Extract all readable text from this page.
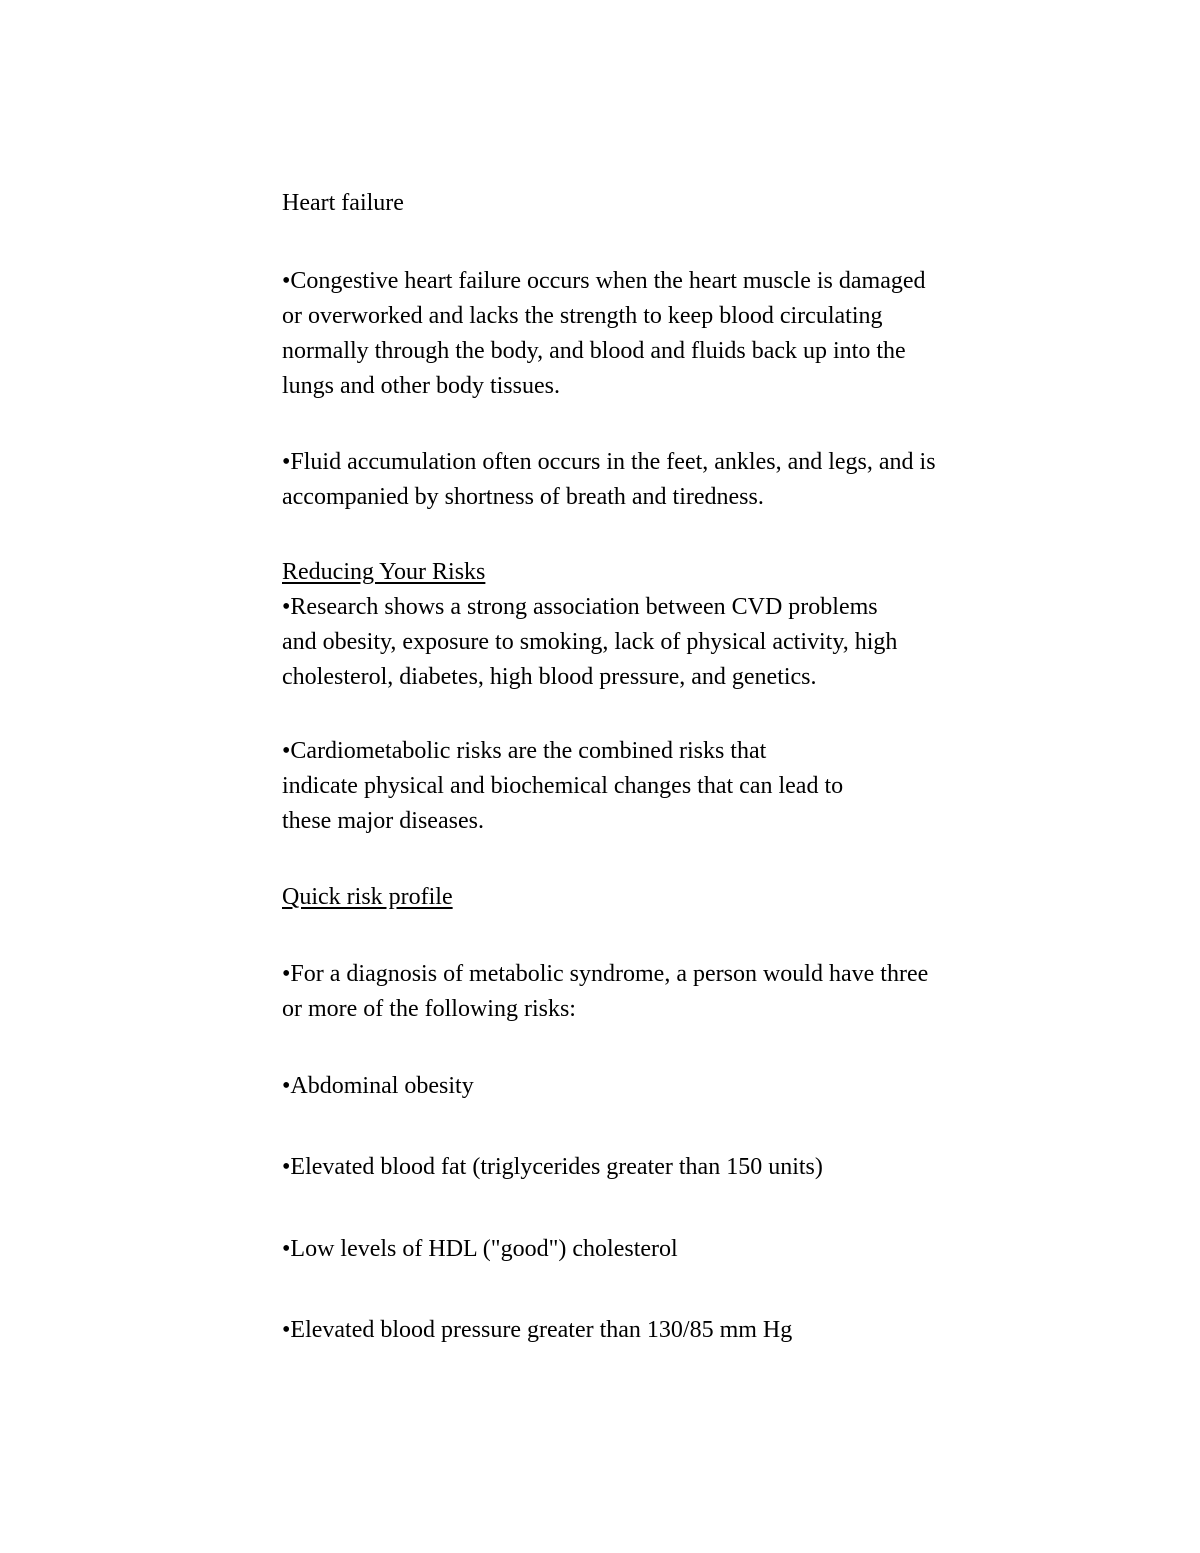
Heart failure
•Congestive heart failure occurs when the heart muscle is damaged
or overworked and lacks the strength to keep blood circulating
normally through the body, and blood and fluids back up into the
lungs and other body tissues.
•Fluid accumulation often occurs in the feet, ankles, and legs, and is
accompanied by shortness of breath and tiredness.
Reducing Your Risks
•Research shows a strong association between CVD problems
and obesity, exposure to smoking, lack of physical activity, high
cholesterol, diabetes, high blood pressure, and genetics.
•Cardiometabolic risks are the combined risks that
indicate physical and biochemical changes that can lead to
these major diseases.
Quick risk profile
•For a diagnosis of metabolic syndrome, a person would have three
or more of the following risks:
•Abdominal obesity
•Elevated blood fat (triglycerides greater than 150 units)
•Low levels of HDL ("good") cholesterol
•Elevated blood pressure greater than 130/85 mm Hg
